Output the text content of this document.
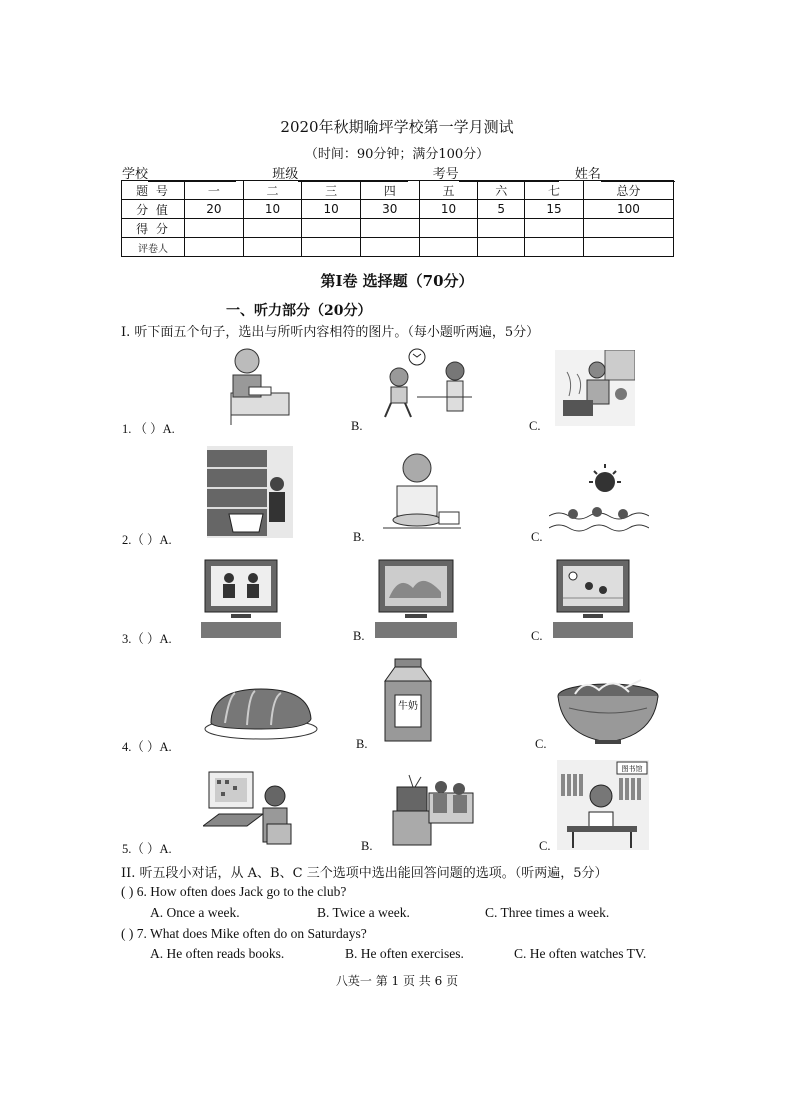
2020年秋期喻坪学校第一学月测试
（时间：90分钟；满分100分）
学校	班级	考号	姓名
题 号	一	二	三	四	五	六	七	总分
分 值	20	10	10	30	10	5	15	100
得 分								
评卷人								
第Ⅰ卷 选择题（70分）
一、听力部分（20分）
Ⅰ. 听下面五个句子，选出与所听内容相符的图片。（每小题听两遍，5分）
1. （ ）A.	B.	C.
2.（ ）A.	B.	C.
3.（ ）A.	B.	C.
4.（ ）A.	B.	C.
5.（ ）A.	B.	C.
牛奶
图书馆
II. 听五段小对话，从 A、B、C 三个选项中选出能回答问题的选项。（听两遍，5分）
( ) 6. How often does Jack go to the club?
A. Once a week.	B. Twice a week.	C. Three times a week.
( ) 7. What does Mike often do on Saturdays?
A. He often reads books.	B. He often exercises.	C. He often watches TV.
八英一 第 1 页 共 6 页
